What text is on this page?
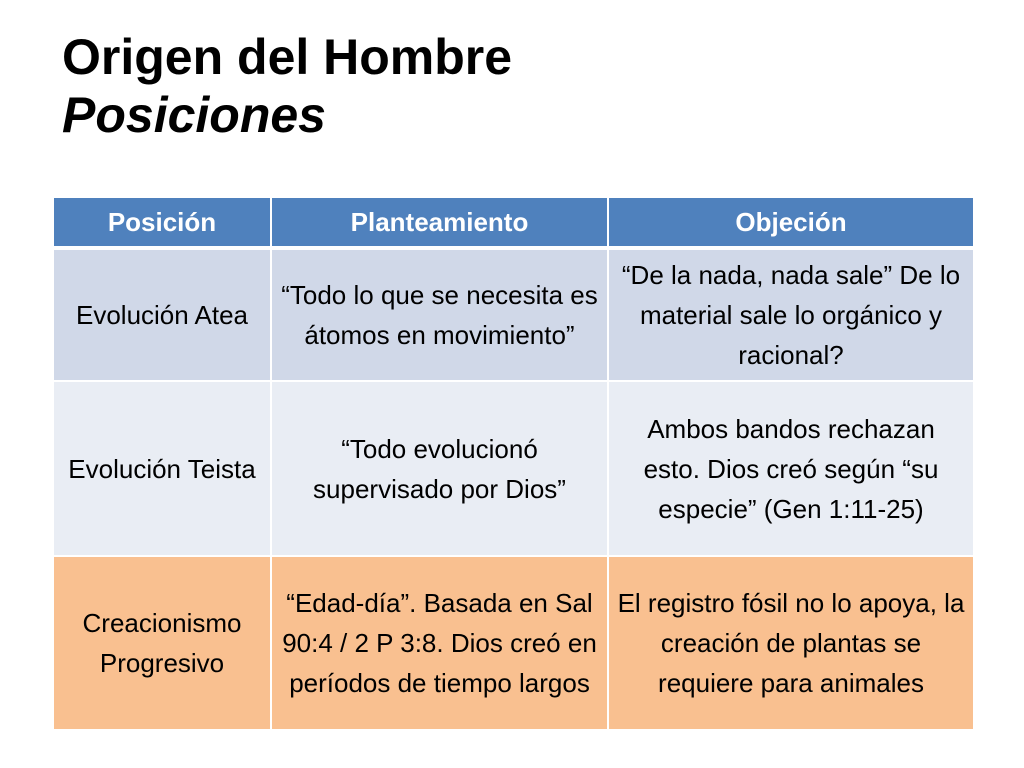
Origen del Hombre
Posiciones
Posición	Planteamiento	Objeción
Evolución Atea	“Todo lo que se necesita es átomos en movimiento”	“De la nada, nada sale” De lo material sale lo orgánico y racional?
Evolución Teista	“Todo evolucionó supervisado por Dios”	Ambos bandos rechazan esto. Dios creó según “su especie” (Gen 1:11-25)
Creacionismo Progresivo	“Edad-día”. Basada en Sal 90:4 / 2 P 3:8. Dios creó en períodos de tiempo largos	El registro fósil no lo apoya, la creación de plantas se requiere para animales
